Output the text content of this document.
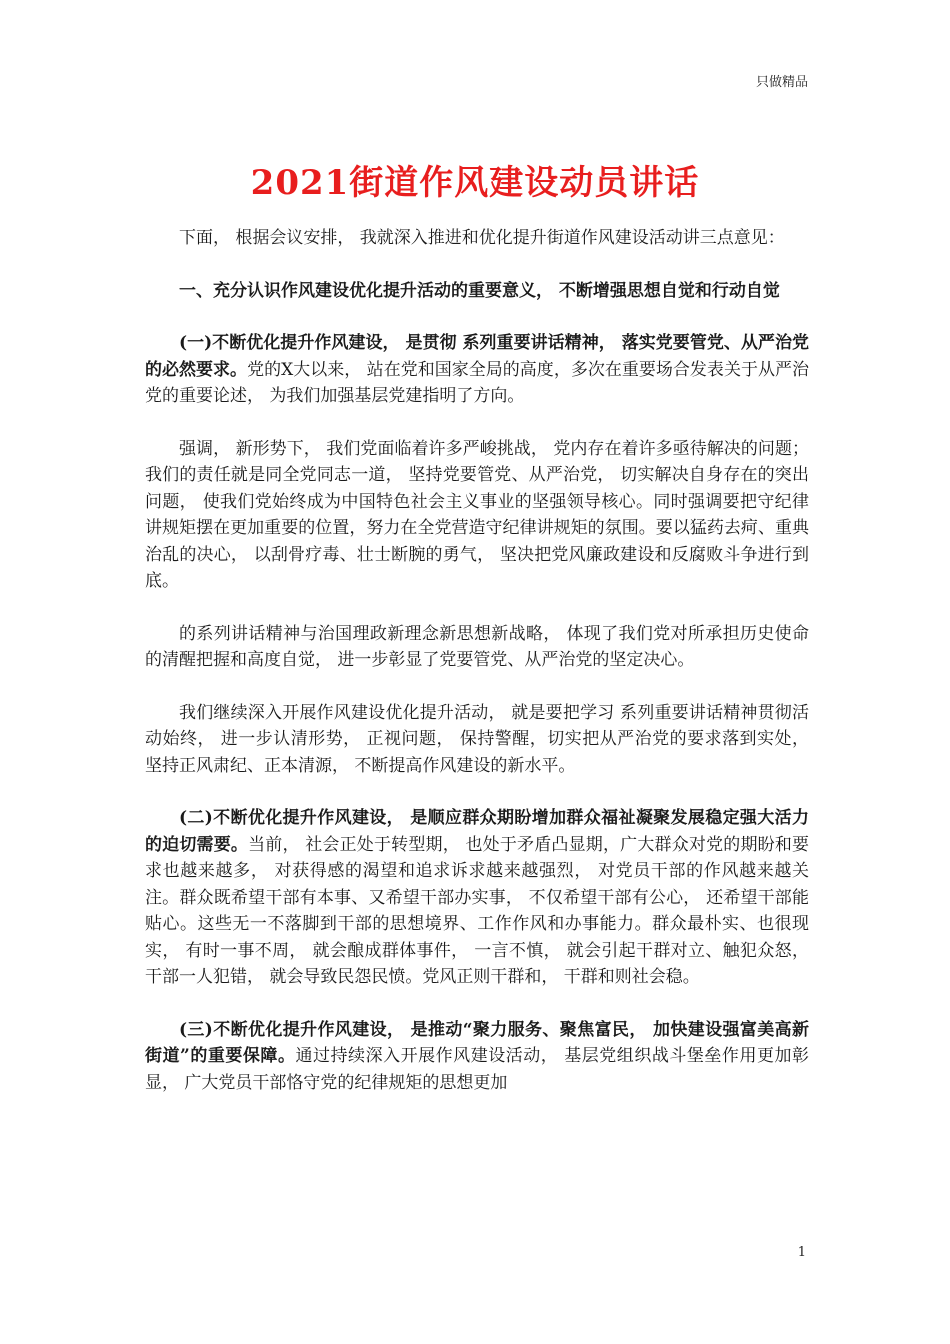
只做精品
2021街道作风建设动员讲话

下面， 根据会议安排， 我就深入推进和优化提升街道作风建设活动讲三点意见：

一、充分认识作风建设优化提升活动的重要意义， 不断增强思想自觉和行动自觉

(一)不断优化提升作风建设， 是贯彻 系列重要讲话精神， 落实党要管党、从严治党的必然要求。党的X大以来， 站在党和国家全局的高度，多次在重要场合发表关于从严治党的重要论述， 为我们加强基层党建指明了方向。

强调， 新形势下， 我们党面临着许多严峻挑战， 党内存在着许多亟待解决的问题；我们的责任就是同全党同志一道， 坚持党要管党、从严治党， 切实解决自身存在的突出问题， 使我们党始终成为中国特色社会主义事业的坚强领导核心。同时强调要把守纪律讲规矩摆在更加重要的位置，努力在全党营造守纪律讲规矩的氛围。要以猛药去疴、重典治乱的决心， 以刮骨疗毒、壮士断腕的勇气， 坚决把党风廉政建设和反腐败斗争进行到底。

的系列讲话精神与治国理政新理念新思想新战略， 体现了我们党对所承担历史使命的清醒把握和高度自觉， 进一步彰显了党要管党、从严治党的坚定决心。

我们继续深入开展作风建设优化提升活动， 就是要把学习 系列重要讲话精神贯彻活动始终， 进一步认清形势， 正视问题， 保持警醒，切实把从严治党的要求落到实处， 坚持正风肃纪、正本清源， 不断提高作风建设的新水平。

(二)不断优化提升作风建设， 是顺应群众期盼增加群众福祉凝聚发展稳定强大活力的迫切需要。当前， 社会正处于转型期， 也处于矛盾凸显期，广大群众对党的期盼和要求也越来越多， 对获得感的渴望和追求诉求越来越强烈， 对党员干部的作风越来越关注。群众既希望干部有本事、又希望干部办实事， 不仅希望干部有公心， 还希望干部能贴心。这些无一不落脚到干部的思想境界、工作作风和办事能力。群众最朴实、也很现实， 有时一事不周， 就会酿成群体事件， 一言不慎， 就会引起干群对立、触犯众怒， 干部一人犯错， 就会导致民怨民愤。党风正则干群和， 干群和则社会稳。

(三)不断优化提升作风建设， 是推动“聚力服务、聚焦富民， 加快建设强富美高新街道”的重要保障。通过持续深入开展作风建设活动， 基层党组织战斗堡垒作用更加彰显， 广大党员干部恪守党的纪律规矩的思想更加

1
